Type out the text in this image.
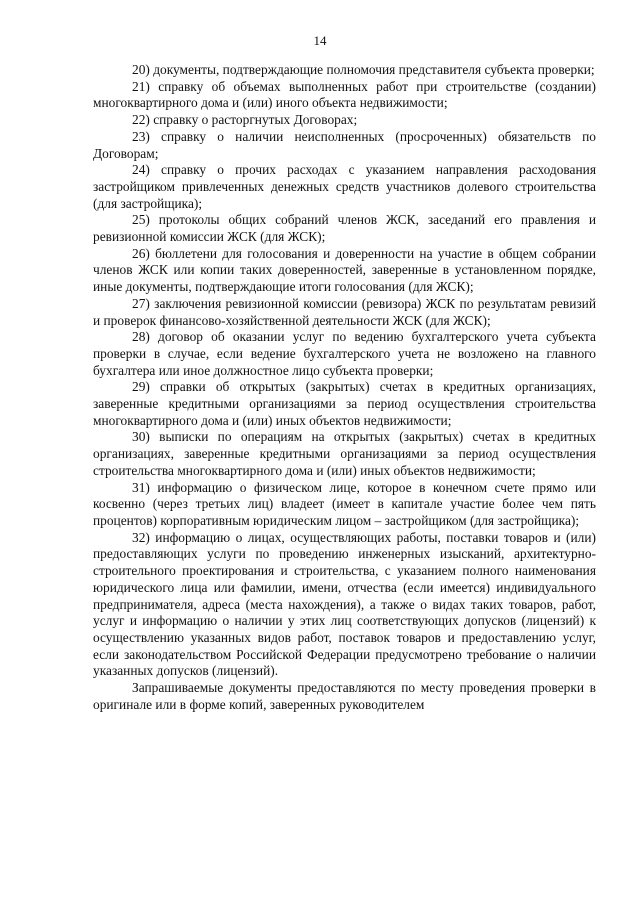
14

20) документы, подтверждающие полномочия представителя субъекта проверки;

21) справку об объемах выполненных работ при строительстве (создании) многоквартирного дома и (или) иного объекта недвижимости;

22) справку о расторгнутых Договорах;

23) справку о наличии неисполненных (просроченных) обязательств по Договорам;

24) справку о прочих расходах с указанием направления расходования застройщиком привлеченных денежных средств участников долевого строительства (для застройщика);

25) протоколы общих собраний членов ЖСК, заседаний его правления и ревизионной комиссии ЖСК (для ЖСК);

26) бюллетени для голосования и доверенности на участие в общем собрании членов ЖСК или копии таких доверенностей, заверенные в установленном порядке, иные документы, подтверждающие итоги голосования (для ЖСК);

27) заключения ревизионной комиссии (ревизора) ЖСК по результатам ревизий и проверок финансово-хозяйственной деятельности ЖСК (для ЖСК);

28) договор об оказании услуг по ведению бухгалтерского учета субъекта проверки в случае, если ведение бухгалтерского учета не возложено на главного бухгалтера или иное должностное лицо субъекта проверки;

29) справки об открытых (закрытых) счетах в кредитных организациях, заверенные кредитными организациями за период осуществления строительства многоквартирного дома и (или) иных объектов недвижимости;

30) выписки по операциям на открытых (закрытых) счетах в кредитных организациях, заверенные кредитными организациями за период осуществления строительства многоквартирного дома и (или) иных объектов недвижимости;

31) информацию о физическом лице, которое в конечном счете прямо или косвенно (через третьих лиц) владеет (имеет в капитале участие более чем пять процентов) корпоративным юридическим лицом – застройщиком (для застройщика);

32) информацию о лицах, осуществляющих работы, поставки товаров и (или) предоставляющих услуги по проведению инженерных изысканий, архитектурно-строительного проектирования и строительства, с указанием полного наименования юридического лица или фамилии, имени, отчества (если имеется) индивидуального предпринимателя, адреса (места нахождения), а также о видах таких товаров, работ, услуг и информацию о наличии у этих лиц соответствующих допусков (лицензий) к осуществлению указанных видов работ, поставок товаров и предоставлению услуг, если законодательством Российской Федерации предусмотрено требование о наличии указанных допусков (лицензий).

Запрашиваемые документы предоставляются по месту проведения проверки в оригинале или в форме копий, заверенных руководителем
